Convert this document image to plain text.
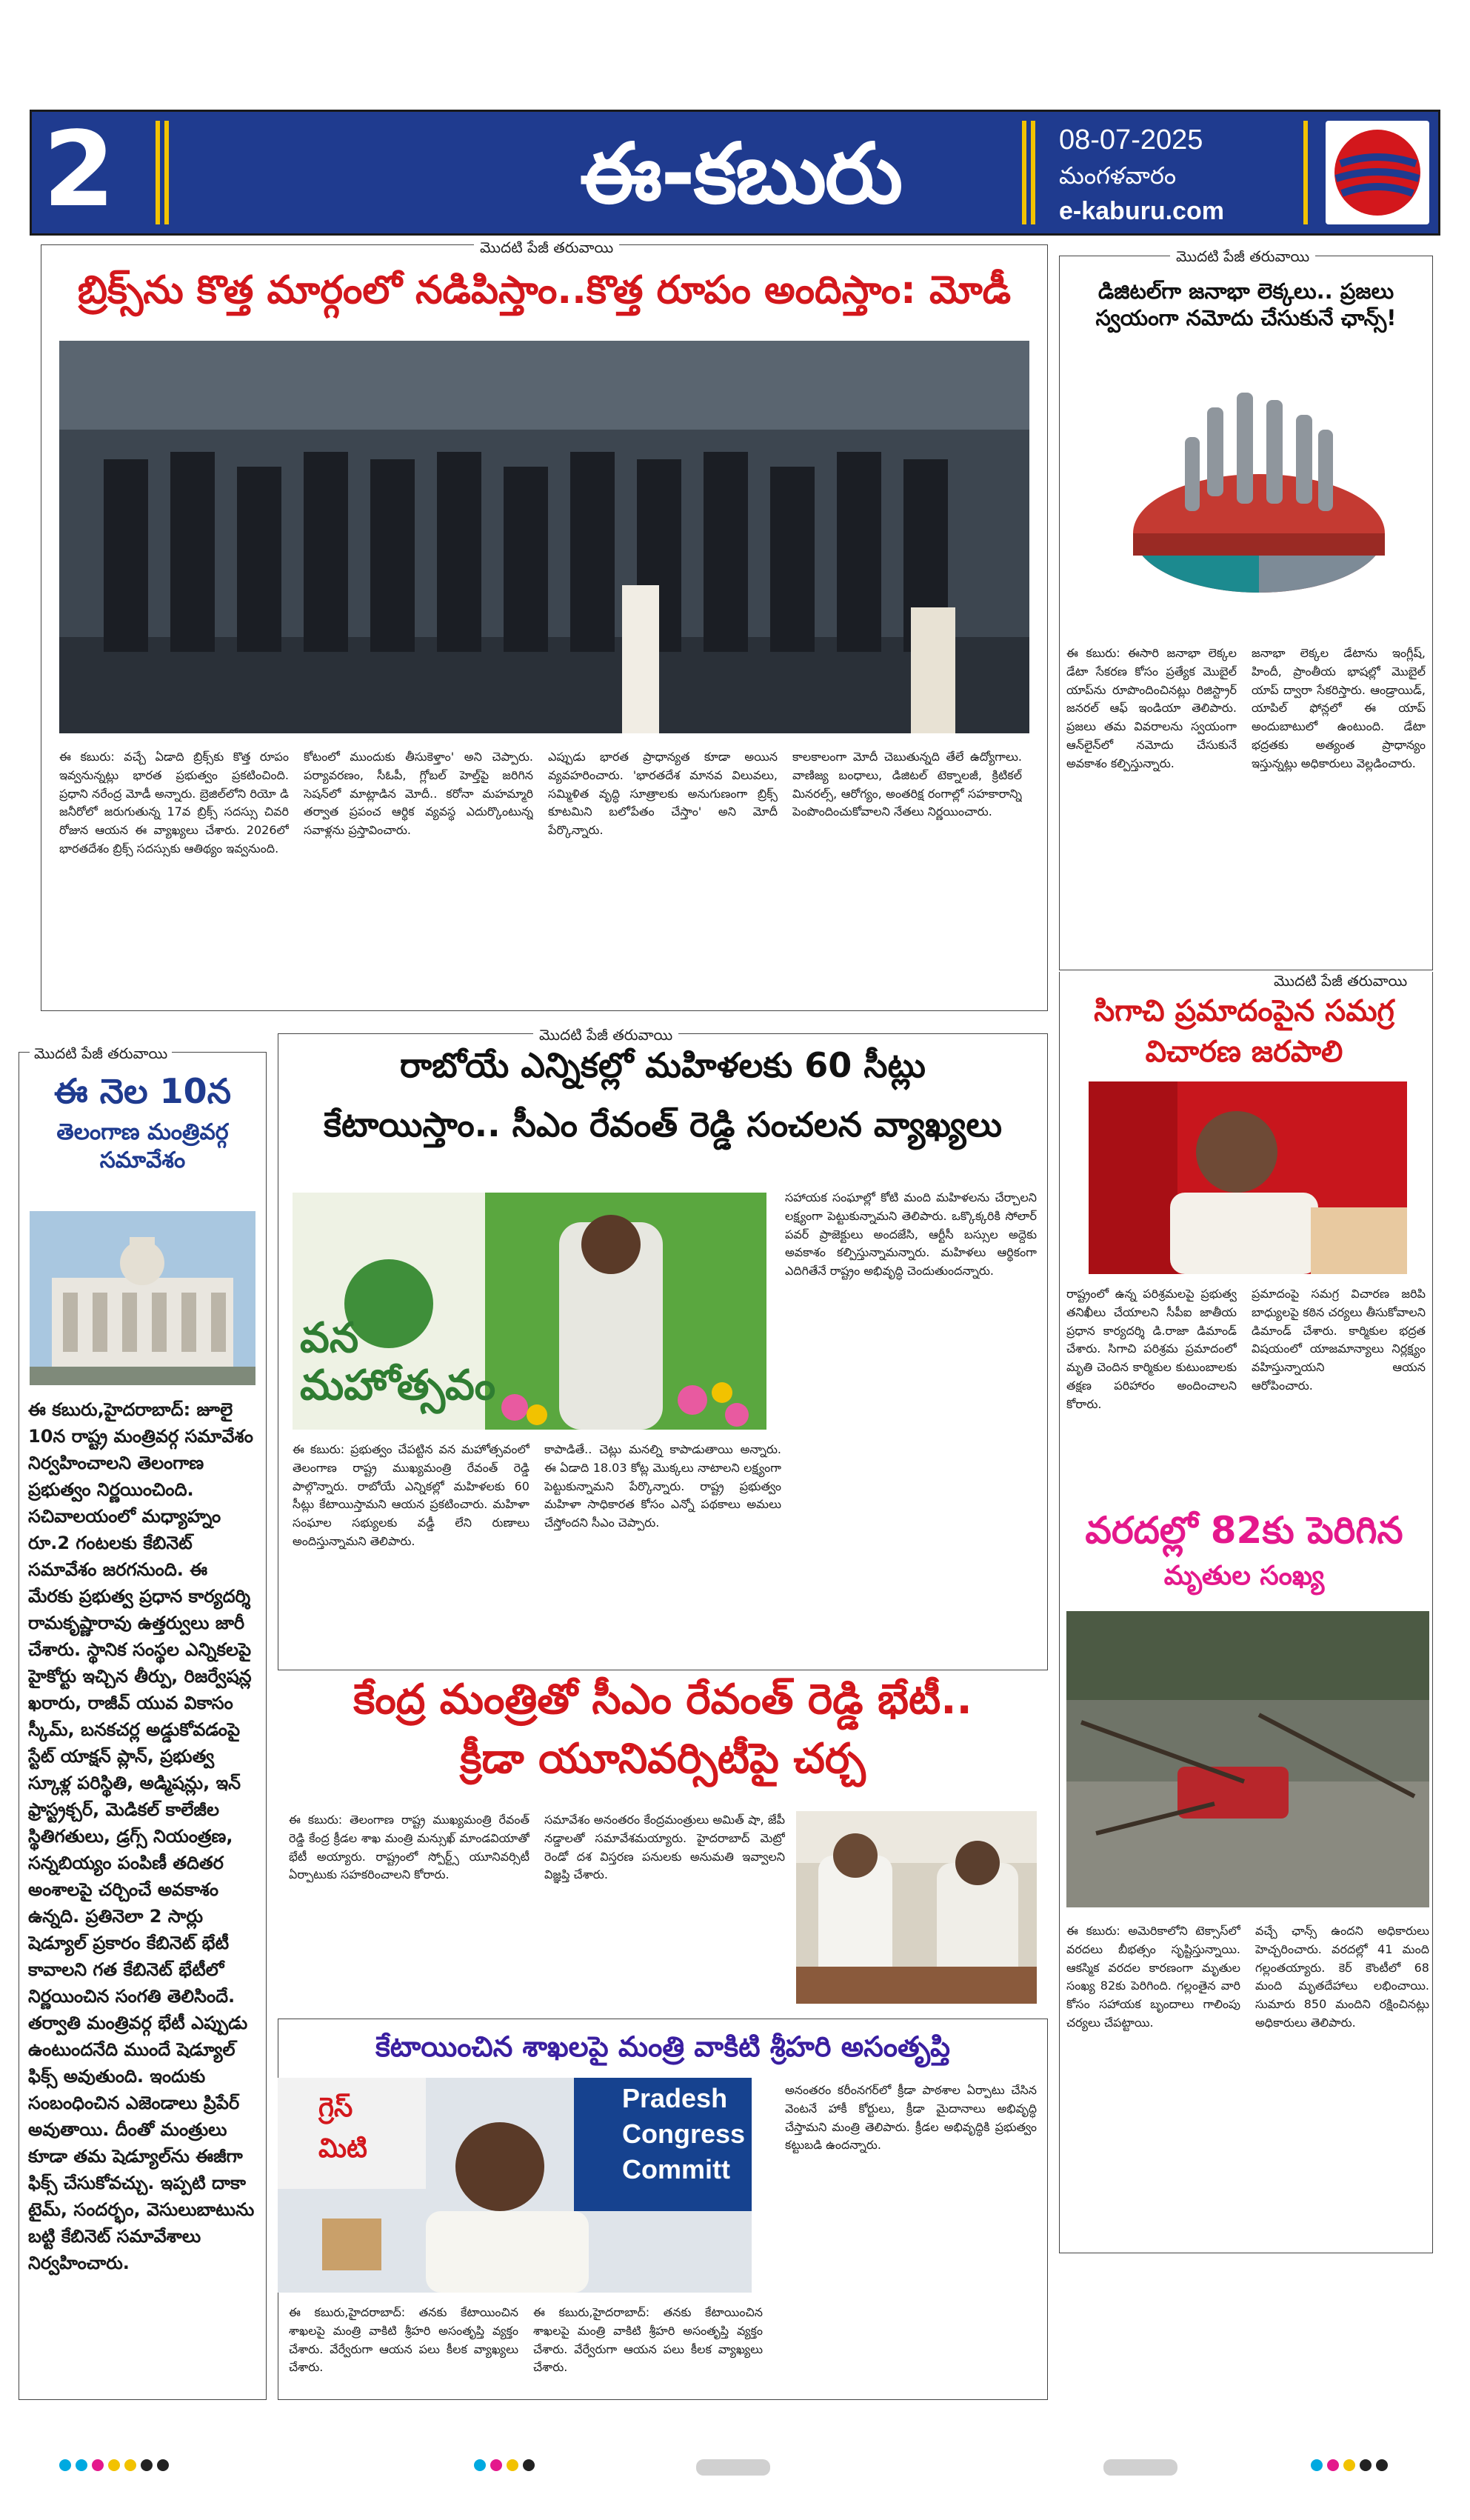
2	ఈ-కబురు	08-07-2025
మంగళవారం
e-kaburu.com
మొదటి పేజీ తరువాయి
బ్రిక్స్‌ను కొత్త మార్గంలో నడిపిస్తాం..కొత్త రూపం అందిస్తాం: మోడీ
ఈ కబురు: వచ్చే ఏడాది బ్రిక్స్‌కు కొత్త రూపం ఇవ్వనున్నట్లు భారత ప్రభుత్వం ప్రకటించింది. ప్రధాని నరేంద్ర మోడీ అన్నారు. బ్రెజిల్‌లోని రియో డి జనీరోలో జరుగుతున్న 17వ బ్రిక్స్ సదస్సు చివరి రోజున ఆయన ఈ వ్యాఖ్యలు చేశారు. 2026లో భారతదేశం బ్రిక్స్ సదస్సుకు ఆతిథ్యం ఇవ్వనుంది.
కోటంలో ముందుకు తీసుకెళ్తాం' అని చెప్పారు. పర్యావరణం, సీఓపీ, గ్లోబల్ హెల్త్‌పై జరిగిన సెషన్‌లో మాట్లాడిన మోదీ.. కరోనా మహమ్మారి తర్వాత ప్రపంచ ఆర్థిక వ్యవస్థ ఎదుర్కొంటున్న సవాళ్లను ప్రస్తావించారు.
ఎప్పుడు భారత ప్రాధాన్యత కూడా అయిన వ్యవహరించారు. 'భారతదేశ మానవ విలువలు, సమ్మిళిత వృద్ధి సూత్రాలకు అనుగుణంగా బ్రిక్స్ కూటమిని బలోపేతం చేస్తాం' అని మోదీ పేర్కొన్నారు.
కాలకాలంగా మోదీ చెబుతున్నది తేలే ఉద్యోగాలు. వాణిజ్య బంధాలు, డిజిటల్ టెక్నాలజీ, క్రిటికల్ మినరల్స్, ఆరోగ్యం, అంతరిక్ష రంగాల్లో సహకారాన్ని పెంపొందించుకోవాలని నేతలు నిర్ణయించారు.
మొదటి పేజీ తరువాయి
డిజిటల్‌గా జనాభా లెక్కలు.. ప్రజలు స్వయంగా నమోదు చేసుకునే ఛాన్స్!
ఈ కబురు: ఈసారి జనాభా లెక్కల డేటా సేకరణ కోసం ప్రత్యేక మొబైల్ యాప్‌ను రూపొందించినట్లు రిజిస్ట్రార్ జనరల్ ఆఫ్ ఇండియా తెలిపారు. ప్రజలు తమ వివరాలను స్వయంగా ఆన్‌లైన్‌లో నమోదు చేసుకునే అవకాశం కల్పిస్తున్నారు.
జనాభా లెక్కల డేటాను ఇంగ్లీష్, హిందీ, ప్రాంతీయ భాషల్లో మొబైల్ యాప్ ద్వారా సేకరిస్తారు. ఆండ్రాయిడ్, యాపిల్ ఫోన్లలో ఈ యాప్ అందుబాటులో ఉంటుంది. డేటా భద్రతకు అత్యంత ప్రాధాన్యం ఇస్తున్నట్లు అధికారులు వెల్లడించారు.
మొదటి పేజీ తరువాయి
సిగాచి ప్రమాదంపైన సమగ్ర
విచారణ జరపాలి
రాష్ట్రంలో ఉన్న పరిశ్రమలపై ప్రభుత్వ తనిఖీలు చేయాలని సీపీఐ జాతీయ ప్రధాన కార్యదర్శి డి.రాజా డిమాండ్ చేశారు. సిగాచి పరిశ్రమ ప్రమాదంలో మృతి చెందిన కార్మికుల కుటుంబాలకు తక్షణ పరిహారం అందించాలని కోరారు.
ప్రమాదంపై సమగ్ర విచారణ జరిపి బాధ్యులపై కఠిన చర్యలు తీసుకోవాలని డిమాండ్ చేశారు. కార్మికుల భద్రత విషయంలో యాజమాన్యాలు నిర్లక్ష్యం వహిస్తున్నాయని ఆయన ఆరోపించారు.
వరదల్లో 82కు పెరిగిన
మృతుల సంఖ్య
ఈ కబురు: అమెరికాలోని టెక్సాస్‌లో వరదలు బీభత్సం సృష్టిస్తున్నాయి. ఆకస్మిక వరదల కారణంగా మృతుల సంఖ్య 82కు పెరిగింది. గల్లంతైన వారి కోసం సహాయక బృందాలు గాలింపు చర్యలు చేపట్టాయి.
వచ్చే ఛాన్స్ ఉందని అధికారులు హెచ్చరించారు. వరదల్లో 41 మంది గల్లంతయ్యారు. కెర్ కౌంటీలో 68 మంది మృతదేహాలు లభించాయి. సుమారు 850 మందిని రక్షించినట్లు అధికారులు తెలిపారు.
మొదటి పేజీ తరువాయి
ఈ నెల 10న
తెలంగాణ మంత్రివర్గ సమావేశం
ఈ కబురు,హైదరాబాద్: జూలై 10న రాష్ట్ర మంత్రివర్గ సమావేశం నిర్వహించాలని తెలంగాణ ప్రభుత్వం నిర్ణయించింది. సచివాలయంలో మధ్యాహ్నం రూ.2 గంటలకు కేబినెట్ సమావేశం జరగనుంది. ఈ మేరకు ప్రభుత్వ ప్రధాన కార్యదర్శి రామకృష్ణారావు ఉత్తర్వులు జారీ చేశారు. స్థానిక సంస్థల ఎన్నికలపై హైకోర్టు ఇచ్చిన తీర్పు, రిజర్వేషన్ల ఖరారు, రాజీవ్ యువ వికాసం స్కీమ్, బనకచర్ల అడ్డుకోవడంపై స్టేట్ యాక్షన్ ప్లాన్, ప్రభుత్వ స్కూళ్ల పరిస్థితి, అడ్మిషన్లు, ఇన్ ఫ్రాస్ట్రక్చర్, మెడికల్ కాలేజీల స్థితిగతులు, డ్రగ్స్ నియంత్రణ, సన్నబియ్యం పంపిణీ తదితర అంశాలపై చర్చించే అవకాశం ఉన్నది. ప్రతినెలా 2 సార్లు షెడ్యూల్ ప్రకారం కేబినెట్ భేటీ కావాలని గత కేబినెట్ భేటీలో నిర్ణయించిన సంగతి తెలిసిందే. తర్వాతి మంత్రివర్గ భేటీ ఎప్పుడు ఉంటుందనేది ముందే షెడ్యూల్ ఫిక్స్ అవుతుంది. ఇందుకు సంబంధించిన ఎజెండాలు ప్రిపేర్ అవుతాయి. దీంతో మంత్రులు కూడా తమ షెడ్యూల్‌ను ఈజీగా ఫిక్స్ చేసుకోవచ్చు. ఇప్పటి దాకా టైమ్, సందర్భం, వెసులుబాటును బట్టి కేబినెట్ సమావేశాలు నిర్వహించారు.
మొదటి పేజీ తరువాయి
రాబోయే ఎన్నికల్లో మహిళలకు 60 సీట్లు
కేటాయిస్తాం.. సీఎం రేవంత్ రెడ్డి సంచలన వ్యాఖ్యలు
వన మహోత్సవం
ఈ కబురు: ప్రభుత్వం చేపట్టిన వన మహోత్సవంలో తెలంగాణ రాష్ట్ర ముఖ్యమంత్రి రేవంత్ రెడ్డి పాల్గొన్నారు. రాబోయే ఎన్నికల్లో మహిళలకు 60 సీట్లు కేటాయిస్తామని ఆయన ప్రకటించారు. మహిళా సంఘాల సభ్యులకు వడ్డీ లేని రుణాలు అందిస్తున్నామని తెలిపారు.
కాపాడితే.. చెట్లు మనల్ని కాపాడుతాయి అన్నారు. ఈ ఏడాది 18.03 కోట్ల మొక్కలు నాటాలని లక్ష్యంగా పెట్టుకున్నామని పేర్కొన్నారు. రాష్ట్ర ప్రభుత్వం మహిళా సాధికారత కోసం ఎన్నో పథకాలు అమలు చేస్తోందని సీఎం చెప్పారు.
సహాయక సంఘాల్లో కోటి మంది మహిళలను చేర్చాలని లక్ష్యంగా పెట్టుకున్నామని తెలిపారు. ఒక్కొక్కరికి సోలార్ పవర్ ప్రాజెక్టులు అందజేసి, ఆర్టీసీ బస్సుల అద్దెకు అవకాశం కల్పిస్తున్నామన్నారు. మహిళలు ఆర్థికంగా ఎదిగితేనే రాష్ట్రం అభివృద్ధి చెందుతుందన్నారు.
కేంద్ర మంత్రితో సీఎం రేవంత్ రెడ్డి భేటీ..
క్రీడా యూనివర్సిటీపై చర్చ
ఈ కబురు: తెలంగాణ రాష్ట్ర ముఖ్యమంత్రి రేవంత్ రెడ్డి కేంద్ర క్రీడల శాఖ మంత్రి మన్సుఖ్ మాండవియాతో భేటీ అయ్యారు. రాష్ట్రంలో స్పోర్ట్స్ యూనివర్సిటీ ఏర్పాటుకు సహకరించాలని కోరారు.
సమావేశం అనంతరం కేంద్రమంత్రులు అమిత్ షా, జేపీ నడ్డాలతో సమావేశమయ్యారు. హైదరాబాద్ మెట్రో రెండో దశ విస్తరణ పనులకు అనుమతి ఇవ్వాలని విజ్ఞప్తి చేశారు.
కేటాయించిన శాఖలపై మంత్రి వాకిటి శ్రీహరి అసంతృప్తి
గ్రెస్
మిటి
Pradesh
Congress
Committ
ఈ కబురు,హైదరాబాద్: తనకు కేటాయించిన శాఖలపై మంత్రి వాకిటి శ్రీహరి అసంతృప్తి వ్యక్తం చేశారు. వేర్వేరుగా ఆయన పలు కీలక వ్యాఖ్యలు చేశారు.
ఈ కబురు,హైదరాబాద్: తనకు కేటాయించిన శాఖలపై మంత్రి వాకిటి శ్రీహరి అసంతృప్తి వ్యక్తం చేశారు. వేర్వేరుగా ఆయన పలు కీలక వ్యాఖ్యలు చేశారు.
అనంతరం కరీంనగర్‌లో క్రీడా పాఠశాల ఏర్పాటు చేసిన వెంటనే హాకీ కోర్టులు, క్రీడా మైదానాలు అభివృద్ధి చేస్తామని మంత్రి తెలిపారు. క్రీడల అభివృద్ధికి ప్రభుత్వం కట్టుబడి ఉందన్నారు.
